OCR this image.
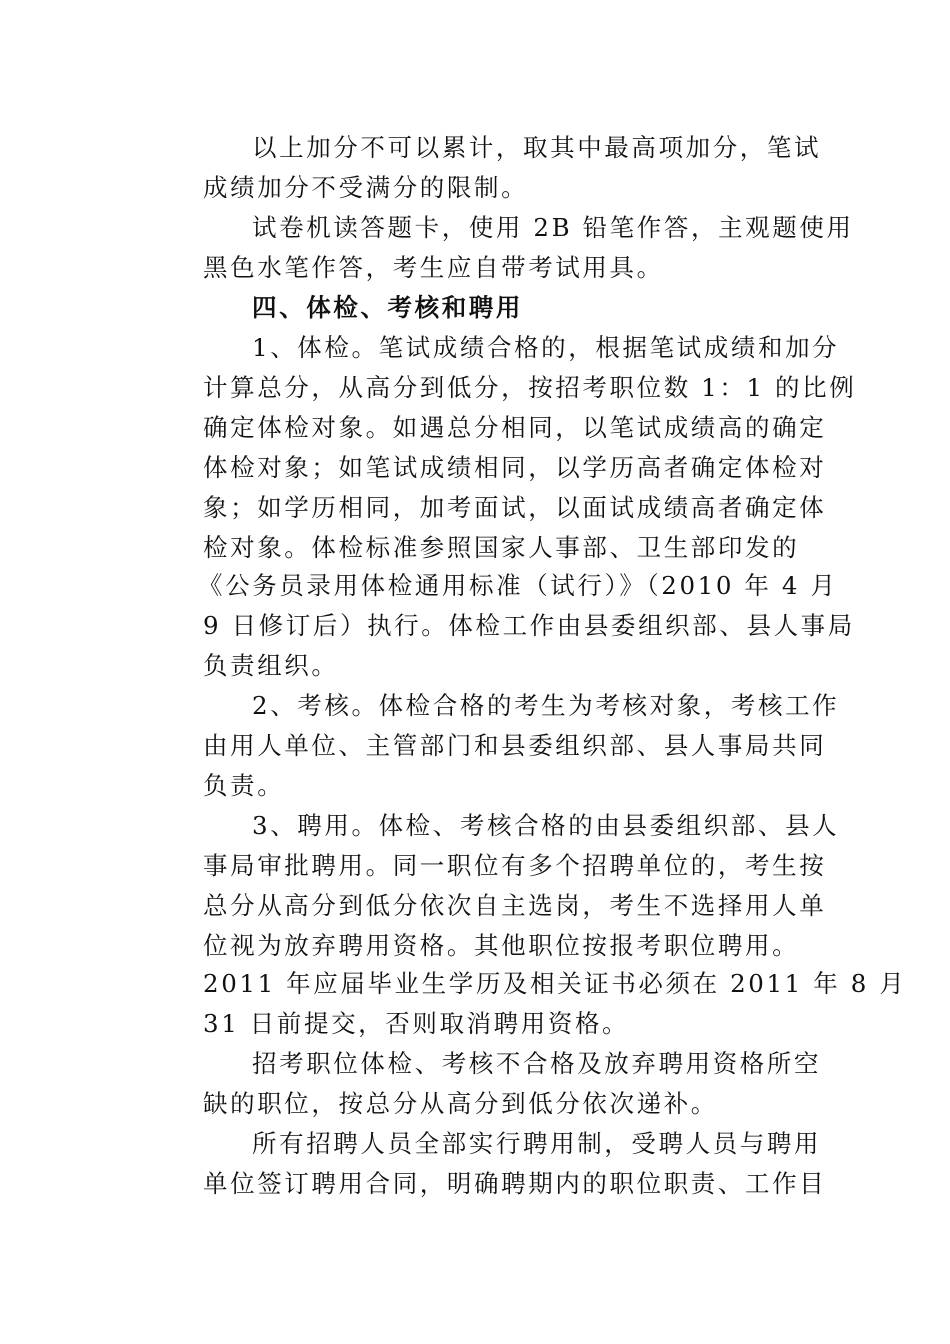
以上加分不可以累计，取其中最高项加分，笔试
成绩加分不受满分的限制。
试卷机读答题卡，使用 2B 铅笔作答，主观题使用
黑色水笔作答，考生应自带考试用具。
四、体检、考核和聘用
1、体检。笔试成绩合格的，根据笔试成绩和加分
计算总分，从高分到低分，按招考职位数 1：1 的比例
确定体检对象。如遇总分相同，以笔试成绩高的确定
体检对象；如笔试成绩相同，以学历高者确定体检对
象；如学历相同，加考面试，以面试成绩高者确定体
检对象。体检标准参照国家人事部、卫生部印发的
《公务员录用体检通用标准（试行）》（2010 年 4 月
9 日修订后）执行。体检工作由县委组织部、县人事局
负责组织。
2、考核。体检合格的考生为考核对象，考核工作
由用人单位、主管部门和县委组织部、县人事局共同
负责。
3、聘用。体检、考核合格的由县委组织部、县人
事局审批聘用。同一职位有多个招聘单位的，考生按
总分从高分到低分依次自主选岗，考生不选择用人单
位视为放弃聘用资格。其他职位按报考职位聘用。
2011 年应届毕业生学历及相关证书必须在 2011 年 8 月
31 日前提交，否则取消聘用资格。
招考职位体检、考核不合格及放弃聘用资格所空
缺的职位，按总分从高分到低分依次递补。
所有招聘人员全部实行聘用制，受聘人员与聘用
单位签订聘用合同，明确聘期内的职位职责、工作目
